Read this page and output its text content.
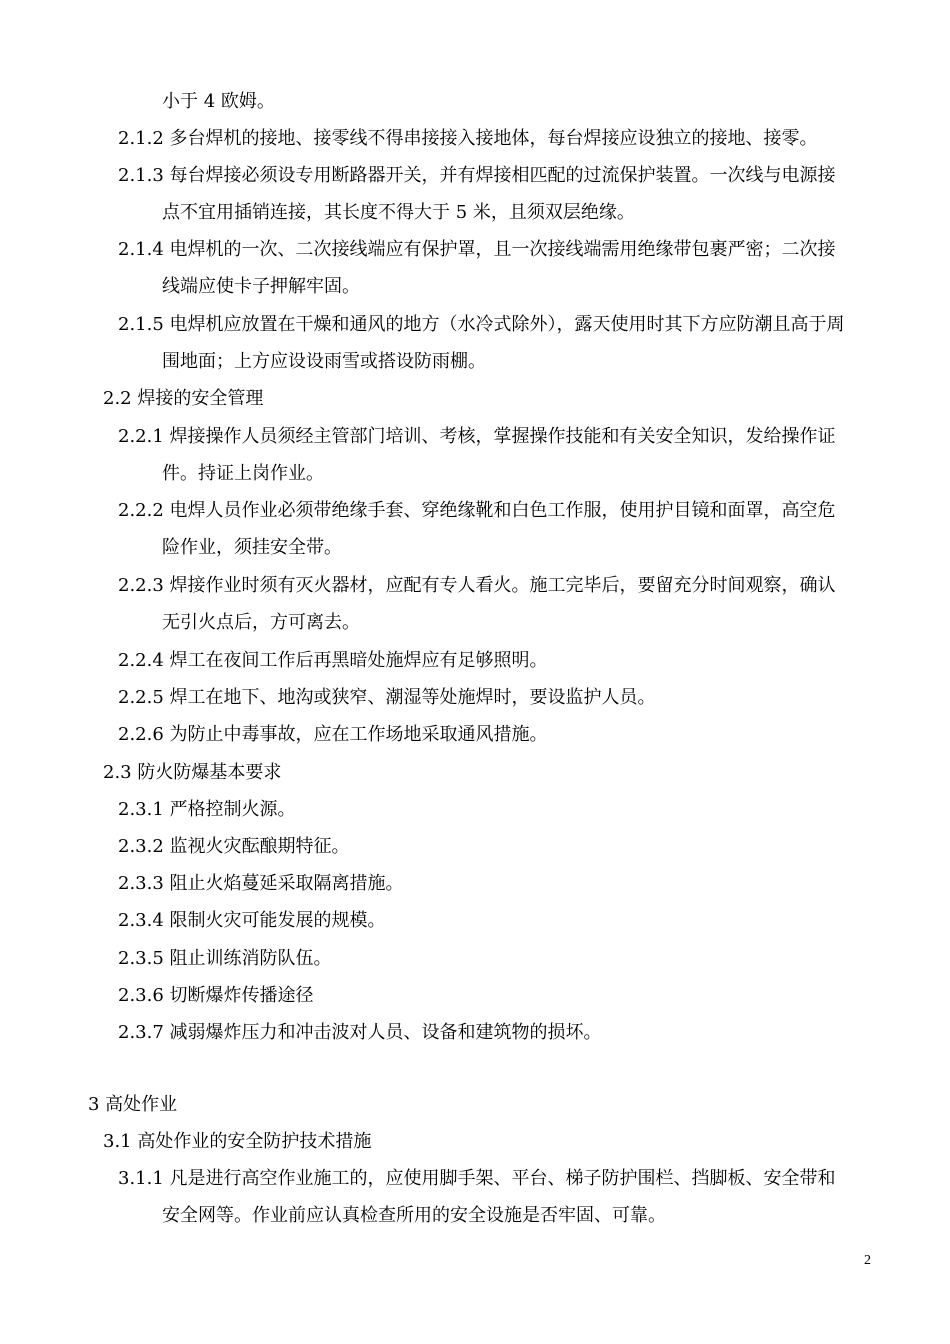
小于 4 欧姆。
2.1.2 多台焊机的接地、接零线不得串接接入接地体，每台焊接应设独立的接地、接零。
2.1.3 每台焊接必须设专用断路器开关，并有焊接相匹配的过流保护装置。一次线与电源接
点不宜用插销连接，其长度不得大于 5 米，且须双层绝缘。
2.1.4 电焊机的一次、二次接线端应有保护罩，且一次接线端需用绝缘带包裹严密；二次接
线端应使卡子押解牢固。
2.1.5 电焊机应放置在干燥和通风的地方（水冷式除外），露天使用时其下方应防潮且高于周
围地面；上方应设设雨雪或搭设防雨棚。
2.2 焊接的安全管理
2.2.1 焊接操作人员须经主管部门培训、考核，掌握操作技能和有关安全知识，发给操作证
件。持证上岗作业。
2.2.2 电焊人员作业必须带绝缘手套、穿绝缘靴和白色工作服，使用护目镜和面罩，高空危
险作业，须挂安全带。
2.2.3 焊接作业时须有灭火器材，应配有专人看火。施工完毕后，要留充分时间观察，确认
无引火点后，方可离去。
2.2.4 焊工在夜间工作后再黑暗处施焊应有足够照明。
2.2.5 焊工在地下、地沟或狭窄、潮湿等处施焊时，要设监护人员。
2.2.6 为防止中毒事故，应在工作场地采取通风措施。
2.3 防火防爆基本要求
2.3.1 严格控制火源。
2.3.2 监视火灾酝酿期特征。
2.3.3 阻止火焰蔓延采取隔离措施。
2.3.4 限制火灾可能发展的规模。
2.3.5 阻止训练消防队伍。
2.3.6 切断爆炸传播途径
2.3.7 减弱爆炸压力和冲击波对人员、设备和建筑物的损坏。
3 高处作业
3.1 高处作业的安全防护技术措施
3.1.1 凡是进行高空作业施工的，应使用脚手架、平台、梯子防护围栏、挡脚板、安全带和
安全网等。作业前应认真检查所用的安全设施是否牢固、可靠。
2
